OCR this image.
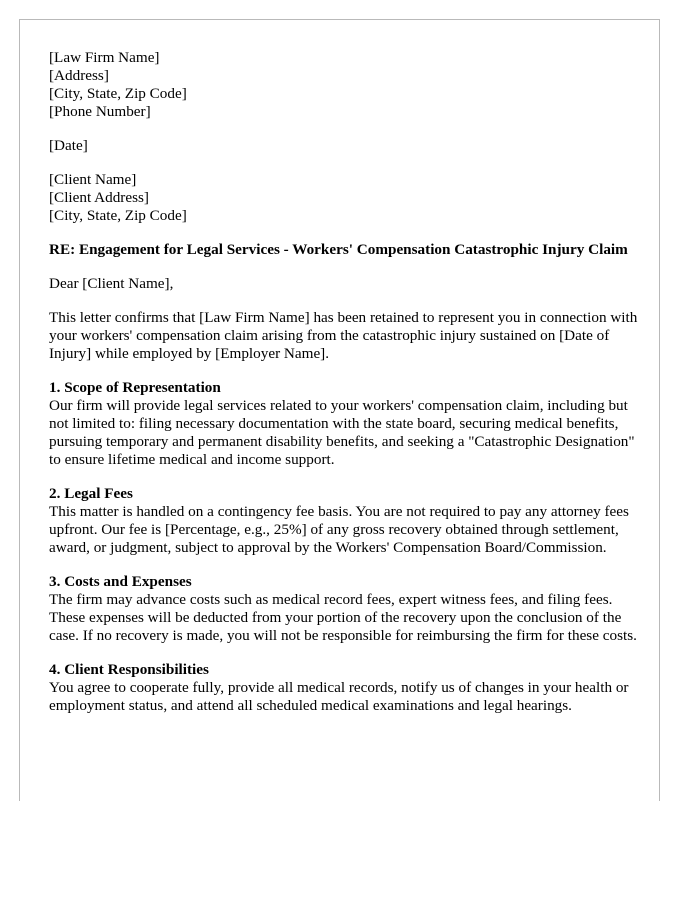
[Law Firm Name]
[Address]
[City, State, Zip Code]
[Phone Number]
[Date]
[Client Name]
[Client Address]
[City, State, Zip Code]

RE: Engagement for Legal Services - Workers' Compensation Catastrophic Injury Claim

Dear [Client Name],

This letter confirms that [Law Firm Name] has been retained to represent you in connection with your workers' compensation claim arising from the catastrophic injury sustained on [Date of Injury] while employed by [Employer Name].

1. Scope of Representation

Our firm will provide legal services related to your workers' compensation claim, including but not limited to: filing necessary documentation with the state board, securing medical benefits, pursuing temporary and permanent disability benefits, and seeking a "Catastrophic Designation" to ensure lifetime medical and income support.

2. Legal Fees

This matter is handled on a contingency fee basis. You are not required to pay any attorney fees upfront. Our fee is [Percentage, e.g., 25%] of any gross recovery obtained through settlement, award, or judgment, subject to approval by the Workers' Compensation Board/Commission.

3. Costs and Expenses

The firm may advance costs such as medical record fees, expert witness fees, and filing fees. These expenses will be deducted from your portion of the recovery upon the conclusion of the case. If no recovery is made, you will not be responsible for reimbursing the firm for these costs.

4. Client Responsibilities

You agree to cooperate fully, provide all medical records, notify us of changes in your health or employment status, and attend all scheduled medical examinations and legal hearings.
